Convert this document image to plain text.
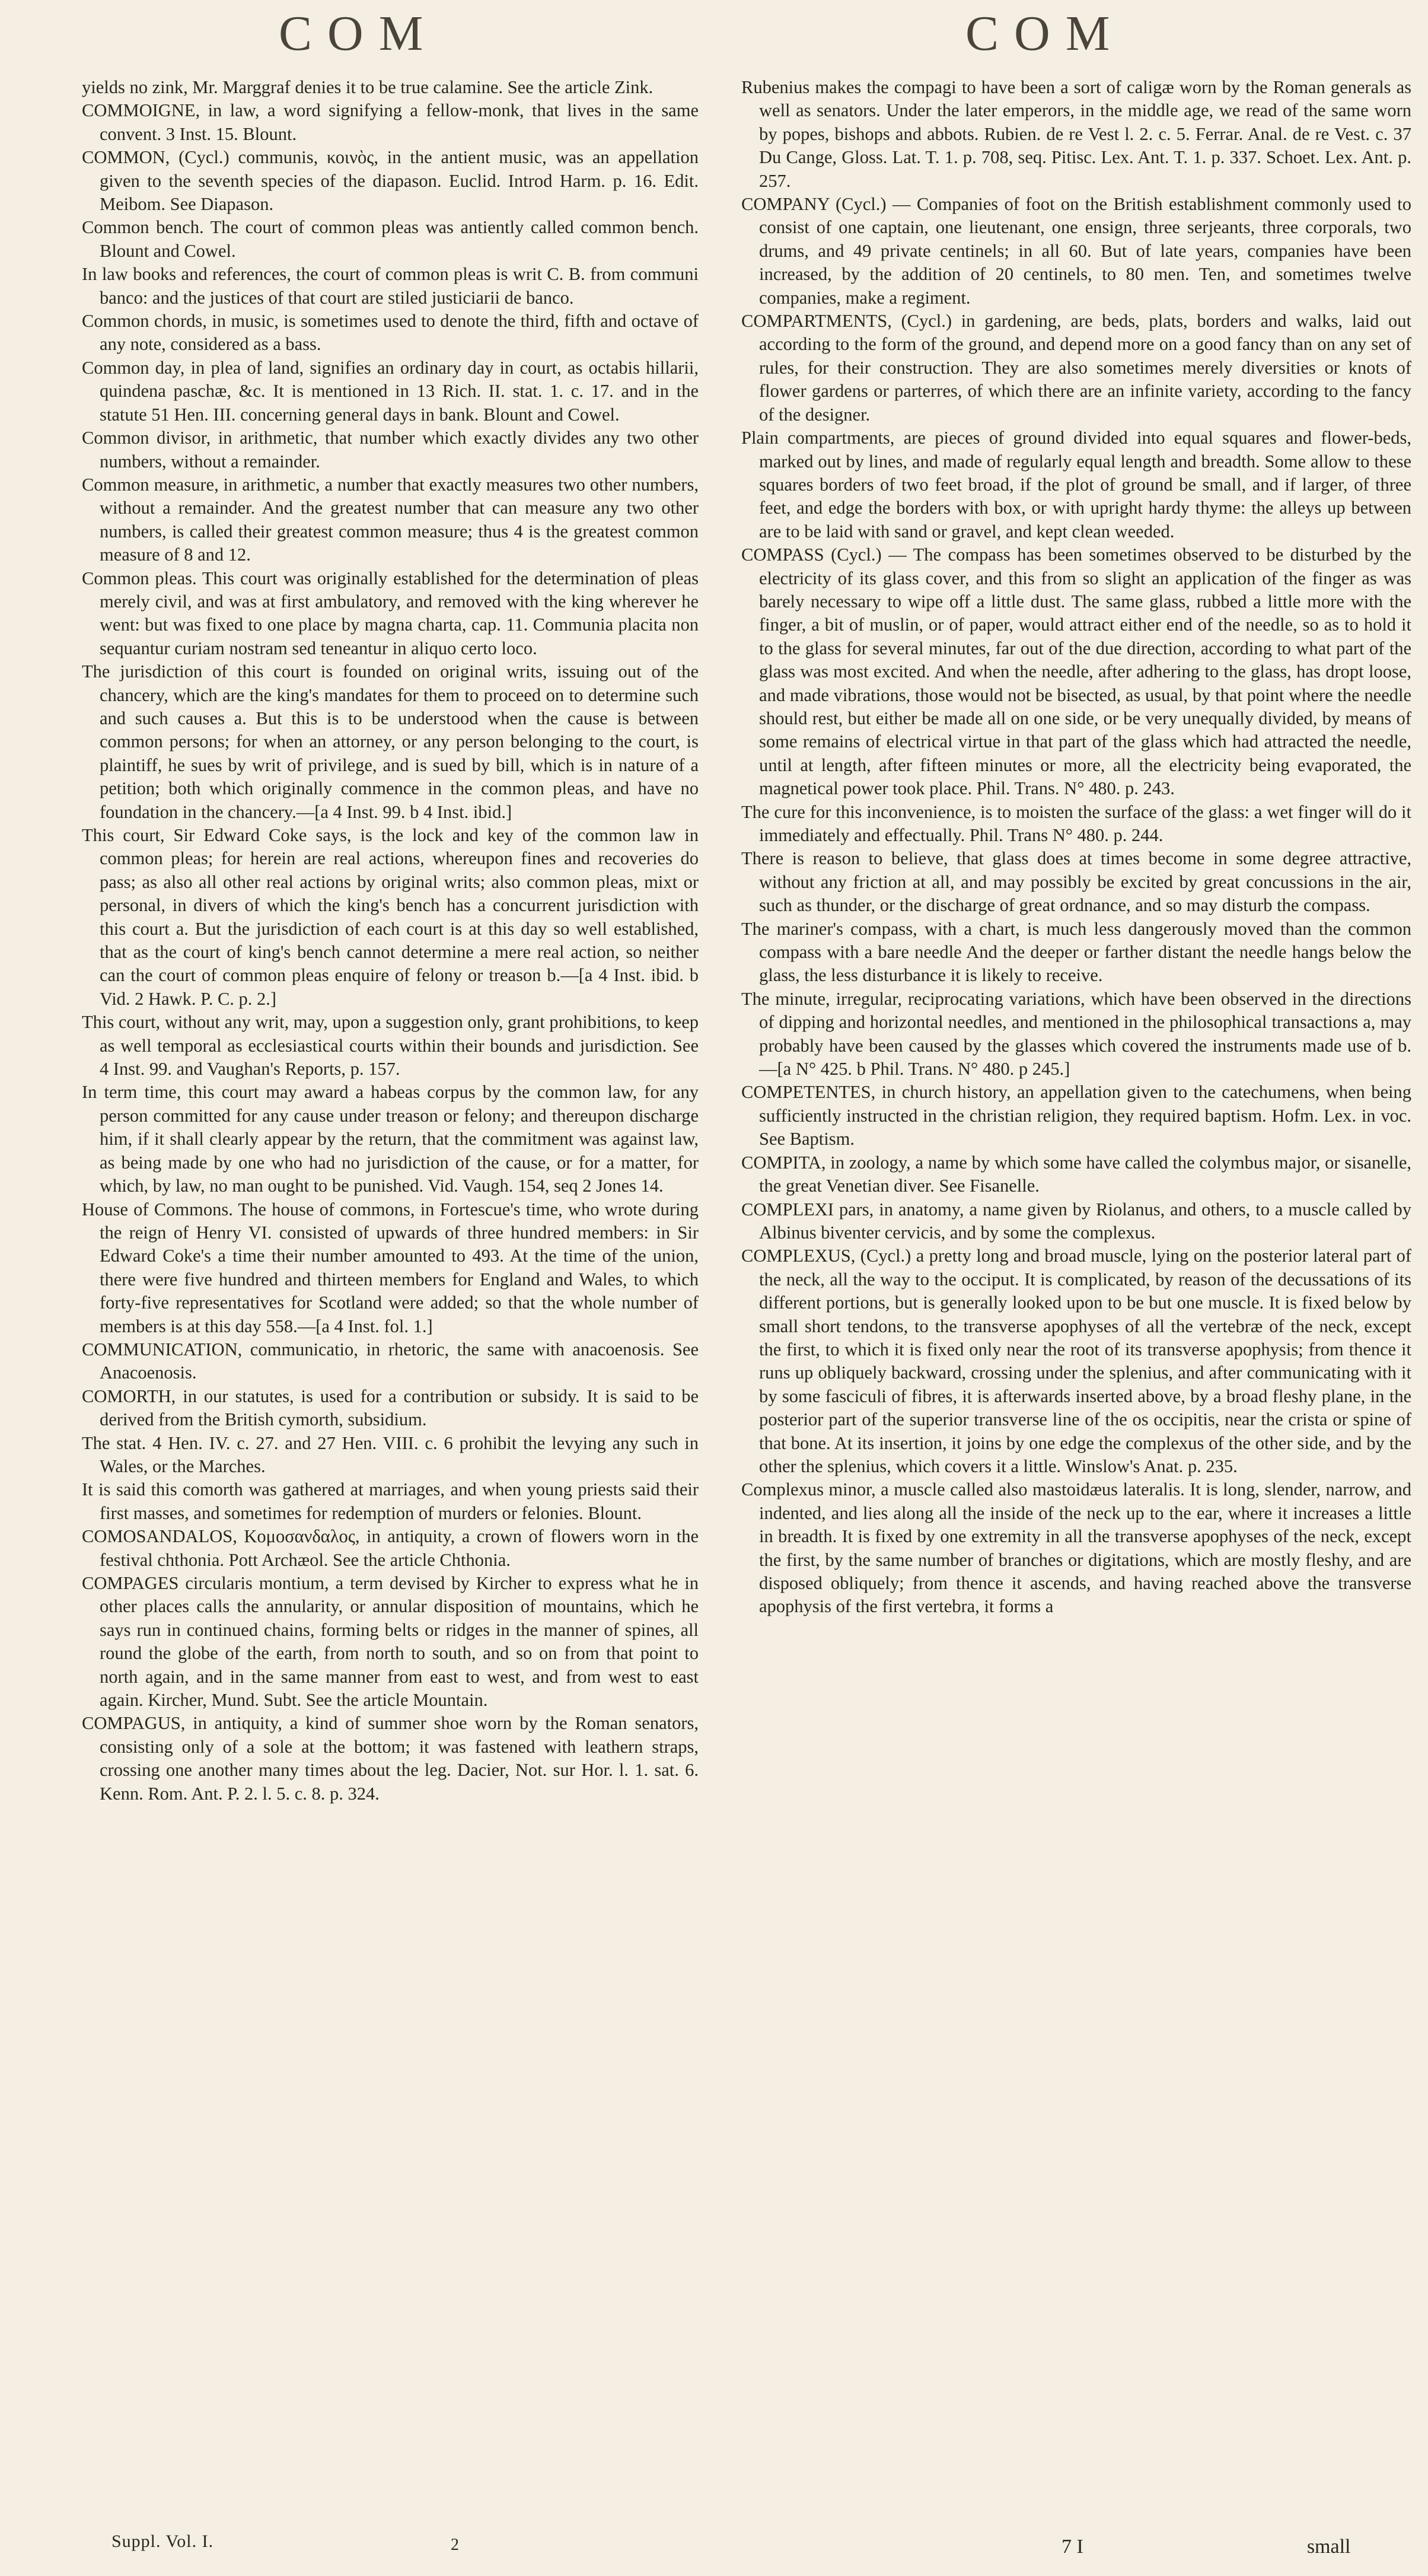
COM	COM

yields no zink, Mr. Marggraf denies it to be true calamine. See the article Zink.

COMMOIGNE, in law, a word signifying a fellow-monk, that lives in the same convent. 3 Inst. 15. Blount.

COMMON, (Cycl.) communis, κοινὸς, in the antient music, was an appellation given to the seventh species of the diapason. Euclid. Introd Harm. p. 16. Edit. Meibom. See Diapason.

Common bench. The court of common pleas was antiently called common bench. Blount and Cowel.

In law books and references, the court of common pleas is writ C. B. from communi banco: and the justices of that court are stiled justiciarii de banco.

Common chords, in music, is sometimes used to denote the third, fifth and octave of any note, considered as a bass.

Common day, in plea of land, signifies an ordinary day in court, as octabis hillarii, quindena paschæ, &c. It is mentioned in 13 Rich. II. stat. 1. c. 17. and in the statute 51 Hen. III. concerning general days in bank. Blount and Cowel.

Common divisor, in arithmetic, that number which exactly divides any two other numbers, without a remainder.

Common measure, in arithmetic, a number that exactly measures two other numbers, without a remainder. And the greatest number that can measure any two other numbers, is called their greatest common measure; thus 4 is the greatest common measure of 8 and 12.

Common pleas. This court was originally established for the determination of pleas merely civil, and was at first ambulatory, and removed with the king wherever he went: but was fixed to one place by magna charta, cap. 11. Communia placita non sequantur curiam nostram sed teneantur in aliquo certo loco.

The jurisdiction of this court is founded on original writs, issuing out of the chancery, which are the king's mandates for them to proceed on to determine such and such causes a. But this is to be understood when the cause is between common persons; for when an attorney, or any person belonging to the court, is plaintiff, he sues by writ of privilege, and is sued by bill, which is in nature of a petition; both which originally commence in the common pleas, and have no foundation in the chancery.—[a 4 Inst. 99. b 4 Inst. ibid.]

This court, Sir Edward Coke says, is the lock and key of the common law in common pleas; for herein are real actions, whereupon fines and recoveries do pass; as also all other real actions by original writs; also common pleas, mixt or personal, in divers of which the king's bench has a concurrent jurisdiction with this court a. But the jurisdiction of each court is at this day so well established, that as the court of king's bench cannot determine a mere real action, so neither can the court of common pleas enquire of felony or treason b.—[a 4 Inst. ibid. b Vid. 2 Hawk. P. C. p. 2.]

This court, without any writ, may, upon a suggestion only, grant prohibitions, to keep as well temporal as ecclesiastical courts within their bounds and jurisdiction. See 4 Inst. 99. and Vaughan's Reports, p. 157.

In term time, this court may award a habeas corpus by the common law, for any person committed for any cause under treason or felony; and thereupon discharge him, if it shall clearly appear by the return, that the commitment was against law, as being made by one who had no jurisdiction of the cause, or for a matter, for which, by law, no man ought to be punished. Vid. Vaugh. 154, seq 2 Jones 14.

House of Commons. The house of commons, in Fortescue's time, who wrote during the reign of Henry VI. consisted of upwards of three hundred members: in Sir Edward Coke's a time their number amounted to 493. At the time of the union, there were five hundred and thirteen members for England and Wales, to which forty-five representatives for Scotland were added; so that the whole number of members is at this day 558.—[a 4 Inst. fol. 1.]

COMMUNICATION, communicatio, in rhetoric, the same with anacoenosis. See Anacoenosis.

COMORTH, in our statutes, is used for a contribution or subsidy. It is said to be derived from the British cymorth, subsidium.

The stat. 4 Hen. IV. c. 27. and 27 Hen. VIII. c. 6 prohibit the levying any such in Wales, or the Marches.

It is said this comorth was gathered at marriages, and when young priests said their first masses, and sometimes for redemption of murders or felonies. Blount.

COMOSANDALOS, Κομοσανδαλος, in antiquity, a crown of flowers worn in the festival chthonia. Pott Archæol. See the article Chthonia.

COMPAGES circularis montium, a term devised by Kircher to express what he in other places calls the annularity, or annular disposition of mountains, which he says run in continued chains, forming belts or ridges in the manner of spines, all round the globe of the earth, from north to south, and so on from that point to north again, and in the same manner from east to west, and from west to east again. Kircher, Mund. Subt. See the article Mountain.

COMPAGUS, in antiquity, a kind of summer shoe worn by the Roman senators, consisting only of a sole at the bottom; it was fastened with leathern straps, crossing one another many times about the leg. Dacier, Not. sur Hor. l. 1. sat. 6. Kenn. Rom. Ant. P. 2. l. 5. c. 8. p. 324.

Rubenius makes the compagi to have been a sort of caligæ worn by the Roman generals as well as senators. Under the later emperors, in the middle age, we read of the same worn by popes, bishops and abbots. Rubien. de re Vest l. 2. c. 5. Ferrar. Anal. de re Vest. c. 37 Du Cange, Gloss. Lat. T. 1. p. 708, seq. Pitisc. Lex. Ant. T. 1. p. 337. Schoet. Lex. Ant. p. 257.

COMPANY (Cycl.) — Companies of foot on the British establishment commonly used to consist of one captain, one lieutenant, one ensign, three serjeants, three corporals, two drums, and 49 private centinels; in all 60. But of late years, companies have been increased, by the addition of 20 centinels, to 80 men. Ten, and sometimes twelve companies, make a regiment.

COMPARTMENTS, (Cycl.) in gardening, are beds, plats, borders and walks, laid out according to the form of the ground, and depend more on a good fancy than on any set of rules, for their construction. They are also sometimes merely diversities or knots of flower gardens or parterres, of which there are an infinite variety, according to the fancy of the designer.

Plain compartments, are pieces of ground divided into equal squares and flower-beds, marked out by lines, and made of regularly equal length and breadth. Some allow to these squares borders of two feet broad, if the plot of ground be small, and if larger, of three feet, and edge the borders with box, or with upright hardy thyme: the alleys up between are to be laid with sand or gravel, and kept clean weeded.

COMPASS (Cycl.) — The compass has been sometimes observed to be disturbed by the electricity of its glass cover, and this from so slight an application of the finger as was barely necessary to wipe off a little dust. The same glass, rubbed a little more with the finger, a bit of muslin, or of paper, would attract either end of the needle, so as to hold it to the glass for several minutes, far out of the due direction, according to what part of the glass was most excited. And when the needle, after adhering to the glass, has dropt loose, and made vibrations, those would not be bisected, as usual, by that point where the needle should rest, but either be made all on one side, or be very unequally divided, by means of some remains of electrical virtue in that part of the glass which had attracted the needle, until at length, after fifteen minutes or more, all the electricity being evaporated, the magnetical power took place. Phil. Trans. N° 480. p. 243.

The cure for this inconvenience, is to moisten the surface of the glass: a wet finger will do it immediately and effectually. Phil. Trans N° 480. p. 244.

There is reason to believe, that glass does at times become in some degree attractive, without any friction at all, and may possibly be excited by great concussions in the air, such as thunder, or the discharge of great ordnance, and so may disturb the compass.

The mariner's compass, with a chart, is much less dangerously moved than the common compass with a bare needle And the deeper or farther distant the needle hangs below the glass, the less disturbance it is likely to receive.

The minute, irregular, reciprocating variations, which have been observed in the directions of dipping and horizontal needles, and mentioned in the philosophical transactions a, may probably have been caused by the glasses which covered the instruments made use of b.—[a N° 425. b Phil. Trans. N° 480. p 245.]

COMPETENTES, in church history, an appellation given to the catechumens, when being sufficiently instructed in the christian religion, they required baptism. Hofm. Lex. in voc. See Baptism.

COMPITA, in zoology, a name by which some have called the colymbus major, or sisanelle, the great Venetian diver. See Fisanelle.

COMPLEXI pars, in anatomy, a name given by Riolanus, and others, to a muscle called by Albinus biventer cervicis, and by some the complexus.

COMPLEXUS, (Cycl.) a pretty long and broad muscle, lying on the posterior lateral part of the neck, all the way to the occiput. It is complicated, by reason of the decussations of its different portions, but is generally looked upon to be but one muscle. It is fixed below by small short tendons, to the transverse apophyses of all the vertebræ of the neck, except the first, to which it is fixed only near the root of its transverse apophysis; from thence it runs up obliquely backward, crossing under the splenius, and after communicating with it by some fasciculi of fibres, it is afterwards inserted above, by a broad fleshy plane, in the posterior part of the superior transverse line of the os occipitis, near the crista or spine of that bone. At its insertion, it joins by one edge the complexus of the other side, and by the other the splenius, which covers it a little. Winslow's Anat. p. 235.

Complexus minor, a muscle called also mastoidæus lateralis. It is long, slender, narrow, and indented, and lies along all the inside of the neck up to the ear, where it increases a little in breadth. It is fixed by one extremity in all the transverse apophyses of the neck, except the first, by the same number of branches or digitations, which are mostly fleshy, and are disposed obliquely; from thence it ascends, and having reached above the transverse apophysis of the first vertebra, it forms a

Suppl. Vol. I.	2	7 I	small
